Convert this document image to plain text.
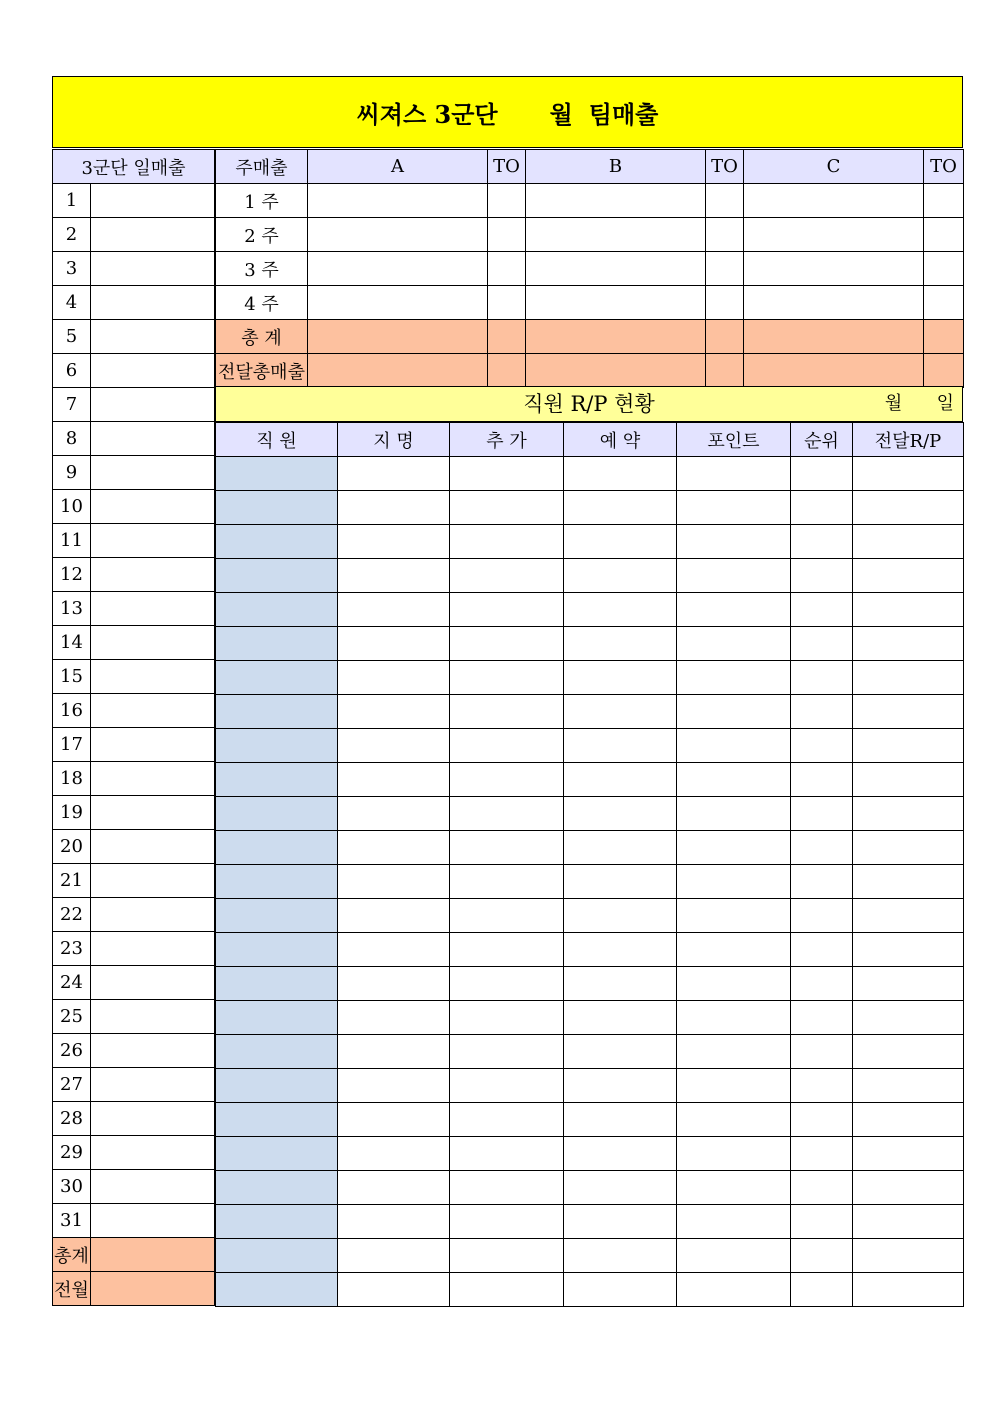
씨져스 3군단 월 팀매출
3군단 일매출	
1	
2	
3	
4	
5	
6	
7	
8	
9	
10	
11	
12	
13	
14	
15	
16	
17	
18	
19	
20	
21	
22	
23	
24	
25	
26	
27	
28	
29	
30	
31	
총계	
전월	
주매출	A	TO	B	TO	C	TO
1 주						
2 주						
3 주						
4 주						
총 계						
전달총매출						
직원 R/P 현황	월 일
직 원	지 명	추 가	예 약	포인트	순위	전달R/P
